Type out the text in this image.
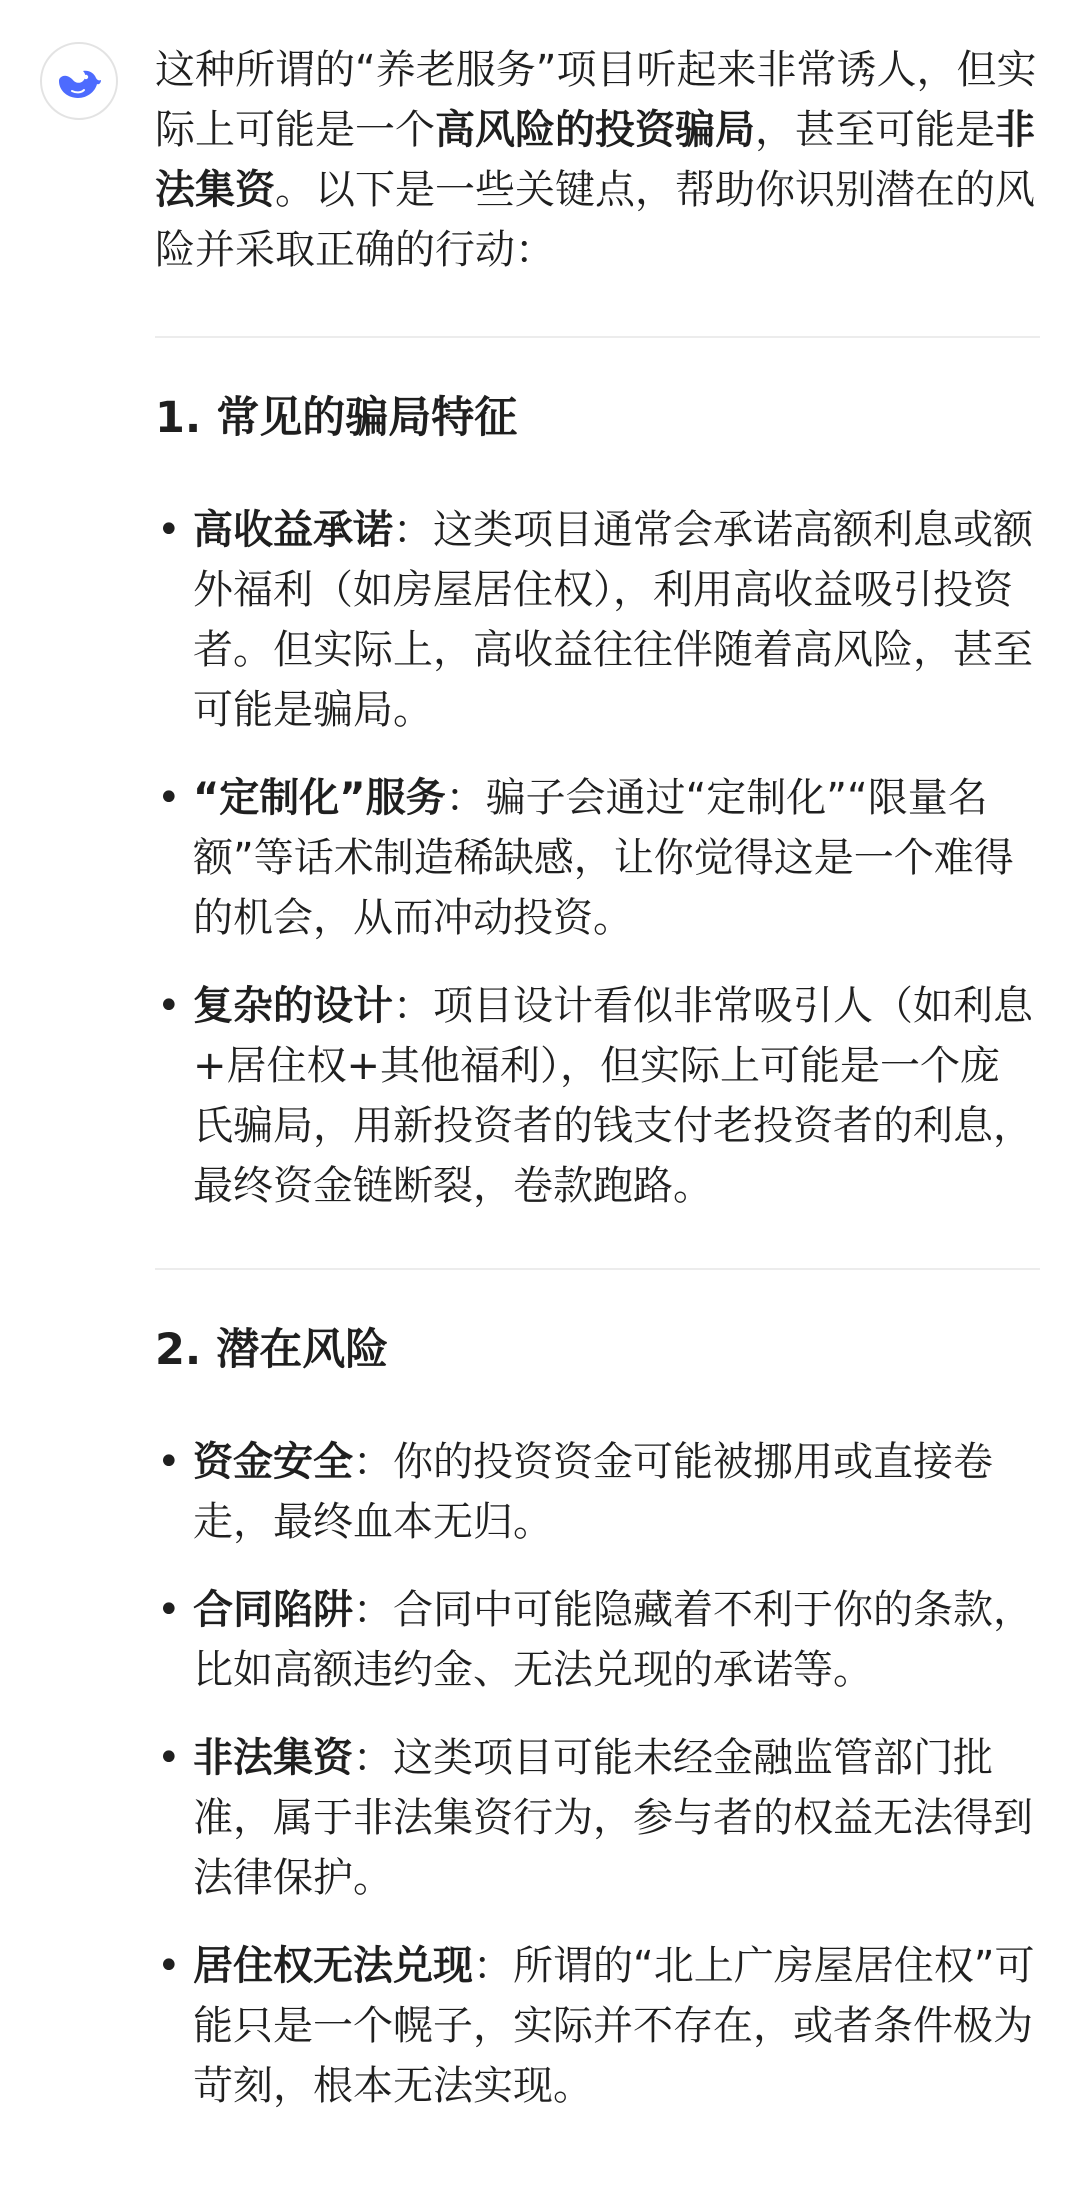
这种所谓的“养老服务”项目听起来非常诱人，但实际上可能是一个高风险的投资骗局，甚至可能是非法集资。以下是一些关键点，帮助你识别潜在的风险并采取正确的行动：

1. 常见的骗局特征
• 高收益承诺：这类项目通常会承诺高额利息或额外福利（如房屋居住权），利用高收益吸引投资者。但实际上，高收益往往伴随着高风险，甚至可能是骗局。
• “定制化”服务：骗子会通过“定制化”“限量名额”等话术制造稀缺感，让你觉得这是一个难得的机会，从而冲动投资。
• 复杂的设计：项目设计看似非常吸引人（如利息+居住权+其他福利），但实际上可能是一个庞氏骗局，用新投资者的钱支付老投资者的利息，最终资金链断裂，卷款跑路。
2. 潜在风险
• 资金安全：你的投资资金可能被挪用或直接卷走，最终血本无归。
• 合同陷阱：合同中可能隐藏着不利于你的条款，比如高额违约金、无法兑现的承诺等。
• 非法集资：这类项目可能未经金融监管部门批准，属于非法集资行为，参与者的权益无法得到法律保护。
• 居住权无法兑现：所谓的“北上广房屋居住权”可能只是一个幌子，实际并不存在，或者条件极为苛刻，根本无法实现。
